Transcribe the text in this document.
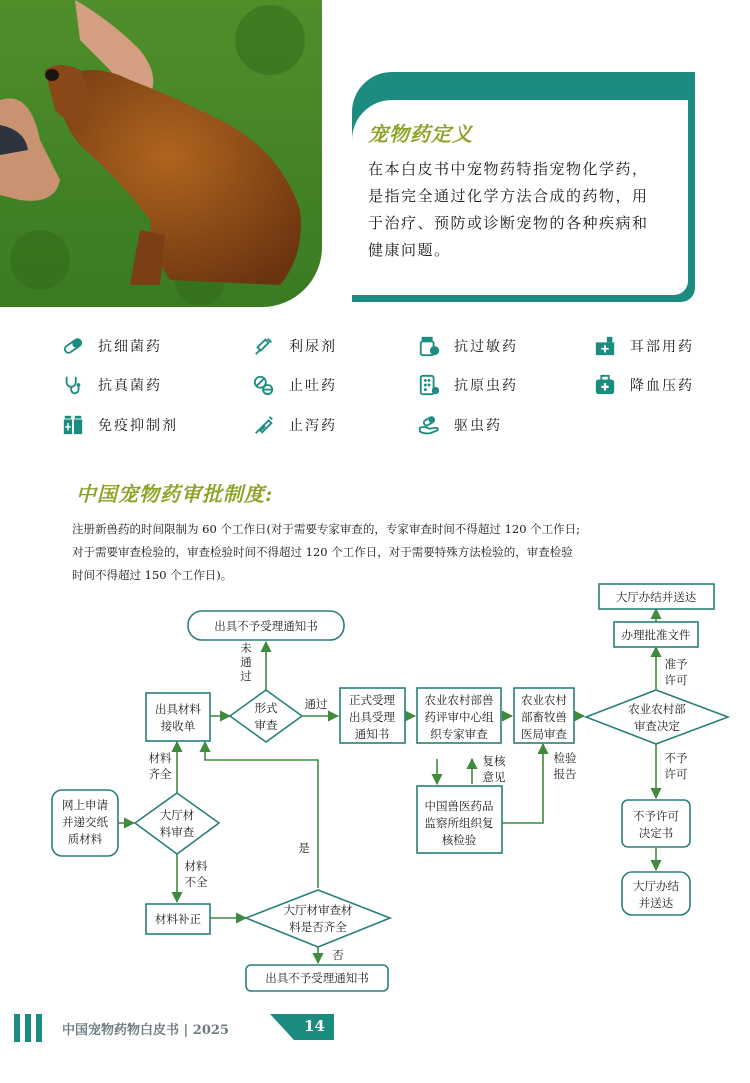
宠物药定义

在本白皮书中宠物药特指宠物化学药，
是指完全通过化学方法合成的药物，用
于治疗、预防或诊断宠物的各种疾病和
健康问题。

抗细菌药	利尿剂	抗过敏药	耳部用药
抗真菌药	止吐药	抗原虫药	降血压药
免疫抑制剂	止泻药	驱虫药
中国宠物药审批制度:

注册新兽药的时间限制为 60 个工作日(对于需要专家审查的，专家审查时间不得超过 120 个工作日;
对于需要审查检验的，审查检验时间不得超过 120 个工作日，对于需要特殊方法检验的，审查检验
时间不得超过 150 个工作日)。

网上申请
并递交纸
质材料
大厅材
料审查
出具材料
接收单
形式
审查
出具不予受理通知书
正式受理
出具受理
通知书
农业农村部兽
药评审中心组
织专家审查
农业农村
部畜牧兽
医局审查
农业农村部
审查决定
办理批准文件
大厅办结并送达
不予许可
决定书
大厅办结
并送达
中国兽医药品
监察所组织复
核检验
材料补正
大厅材审查材
料是否齐全
出具不予受理通知书
未
通
过
通过
材料
齐全
材料
不全
是
否
复核
意见
检验
报告
准予
许可
不予
许可
中国宠物药物白皮书 | 2025	14
